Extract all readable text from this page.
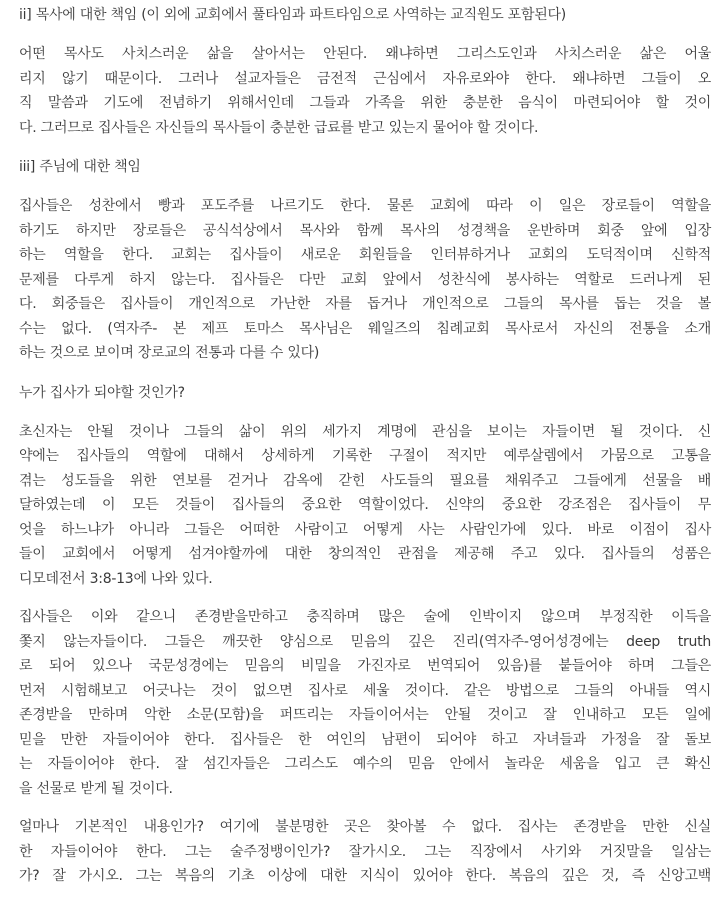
ii] 목사에 대한 책임 (이 외에 교회에서 풀타임과 파트타임으로 사역하는 교직원도 포함된다)
어떤 목사도 사치스러운 삶을 살아서는 안된다. 왜냐하면 그리스도인과 사치스러운 삶은 어울
리지 않기 때문이다. 그러나 설교자들은 금전적 근심에서 자유로와야 한다. 왜냐하면 그들이 오
직 말씀과 기도에 전념하기 위해서인데 그들과 가족을 위한 충분한 음식이 마련되어야 할 것이
다. 그러므로 집사들은 자신들의 목사들이 충분한 급료를 받고 있는지 물어야 할 것이다.
iii] 주님에 대한 책임
집사들은 성찬에서 빵과 포도주를 나르기도 한다. 물론 교회에 따라 이 일은 장로들이 역할을
하기도 하지만 장로들은 공식석상에서 목사와 함께 목사의 성경책을 운반하며 회중 앞에 입장
하는 역할을 한다. 교회는 집사들이 새로운 회원들을 인터뷰하거나 교회의 도덕적이며 신학적
문제를 다루게 하지 않는다. 집사들은 다만 교회 앞에서 성찬식에 봉사하는 역할로 드러나게 된
다. 회중들은 집사들이 개인적으로 가난한 자를 돕거나 개인적으로 그들의 목사를 돕는 것을 볼
수는 없다. (역자주- 본 제프 토마스 목사님은 웨일즈의 침례교회 목사로서 자신의 전통을 소개
하는 것으로 보이며 장로교의 전통과 다를 수 있다)
누가 집사가 되야할 것인가?
초신자는 안될 것이나 그들의 삶이 위의 세가지 계명에 관심을 보이는 자들이면 될 것이다. 신
약에는 집사들의 역할에 대해서 상세하게 기록한 구절이 적지만 예루살렘에서 가뭄으로 고통을
겪는 성도들을 위한 연보를 걷거나 감옥에 갇힌 사도들의 필요를 채워주고 그들에게 선물을 배
달하였는데 이 모든 것들이 집사들의 중요한 역할이었다. 신약의 중요한 강조점은 집사들이 무
엇을 하느냐가 아니라 그들은 어떠한 사람이고 어떻게 사는 사람인가에 있다. 바로 이점이 집사
들이 교회에서 어떻게 섬겨야할까에 대한 창의적인 관점을 제공해 주고 있다. 집사들의 성품은
디모데전서 3:8-13에 나와 있다.
집사들은 이와 같으니 존경받을만하고 충직하며 많은 술에 인박이지 않으며 부정직한 이득을
쫓지 않는자들이다. 그들은 깨끗한 양심으로 믿음의 깊은 진리(역자주-영어성경에는 deep truth
로 되어 있으나 국문성경에는 믿음의 비밀을 가진자로 번역되어 있음)를 붙들어야 하며 그들은
먼저 시험해보고 어긋나는 것이 없으면 집사로 세울 것이다. 같은 방법으로 그들의 아내들 역시
존경받을 만하며 악한 소문(모함)을 퍼뜨리는 자들이어서는 안될 것이고 잘 인내하고 모든 일에
믿을 만한 자들이어야 한다. 집사들은 한 여인의 남편이 되어야 하고 자녀들과 가정을 잘 돌보
는 자들이어야 한다. 잘 섬긴자들은 그리스도 예수의 믿음 안에서 놀라운 세움을 입고 큰 확신
을 선물로 받게 될 것이다.
얼마나 기본적인 내용인가? 여기에 불분명한 곳은 찾아볼 수 없다. 집사는 존경받을 만한 신실
한 자들이어야 한다. 그는 술주정뱅이인가? 잘가시오. 그는 직장에서 사기와 거짓말을 일삼는
가? 잘 가시오. 그는 복음의 기초 이상에 대한 지식이 있어야 한다. 복음의 깊은 것, 즉 신앙고백
